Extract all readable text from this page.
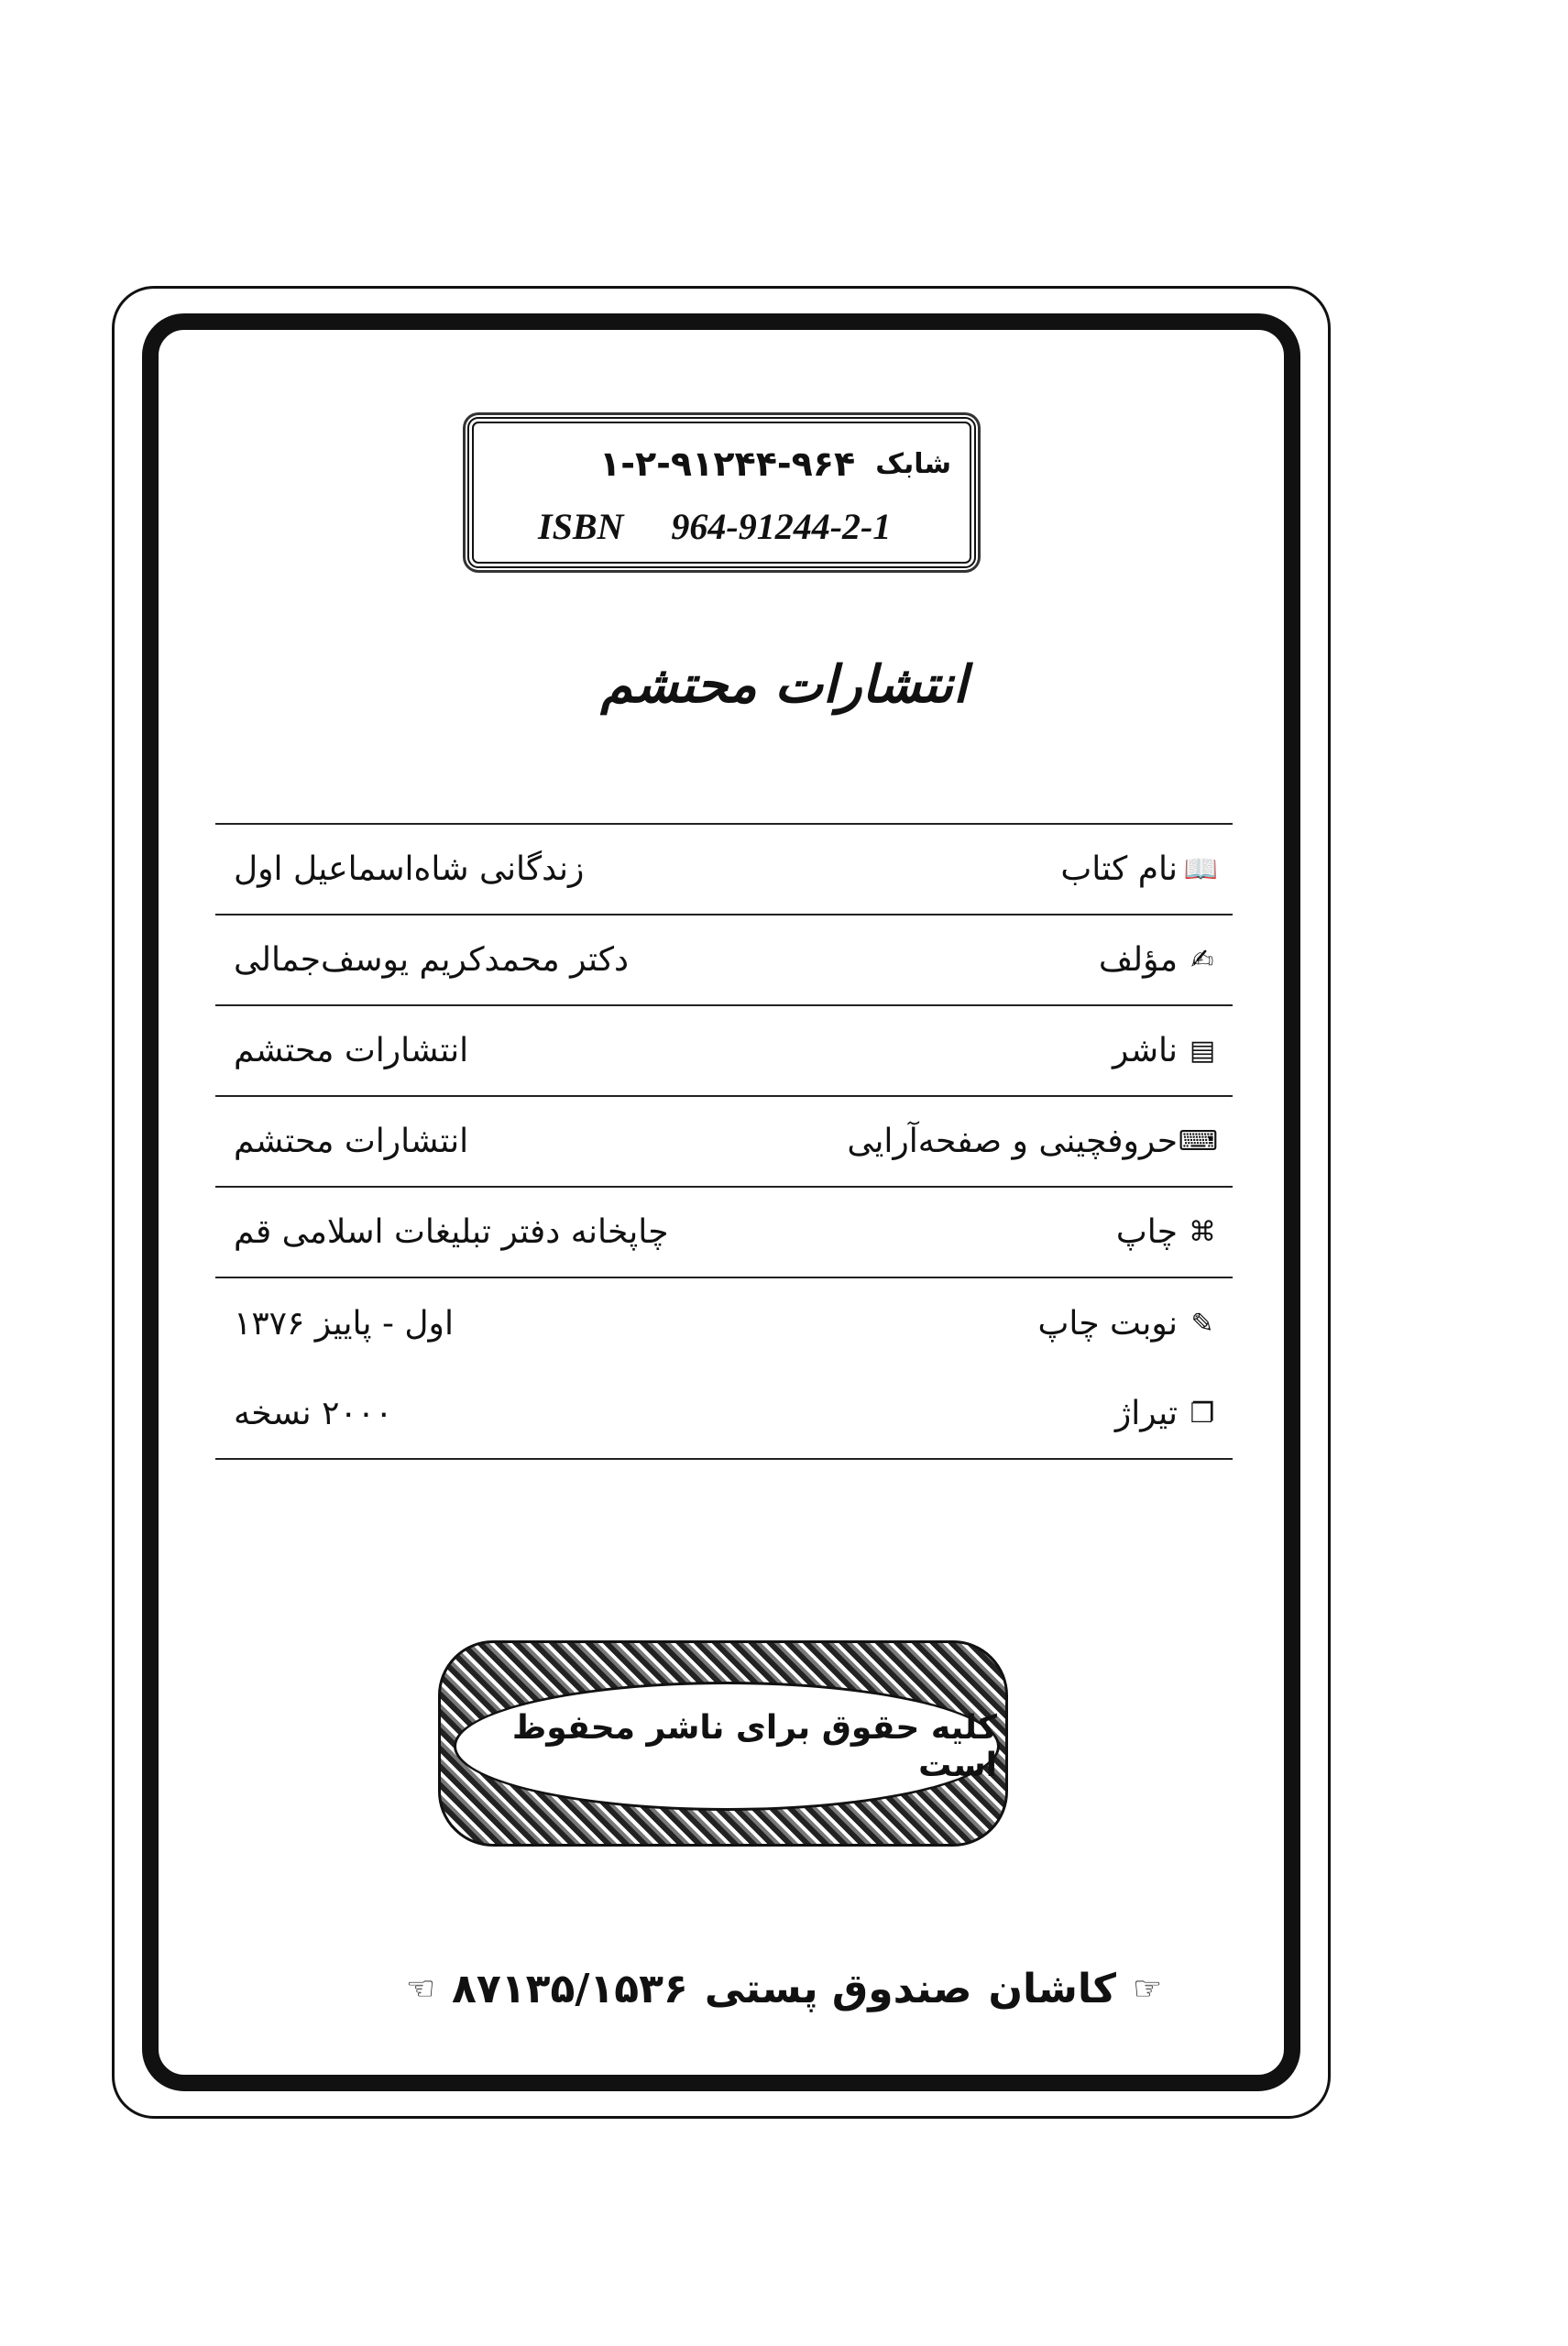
شابک
۱-۲-۹۱۲۴۴-۹۶۴
ISBN 964-91244-2-1
انتشارات محتشم
📖
نام کتاب
زندگانی شاه‌اسماعیل اول
✍
مؤلف
دکتر محمدکریم یوسف‌جمالی
▤
ناشر
انتشارات محتشم
⌨
حروفچینی و صفحه‌آرایی
انتشارات محتشم
⌘
چاپ
چاپخانه دفتر تبلیغات اسلامی قم
✎
نوبت چاپ
اول - پاییز ۱۳۷۶
❐
تیراژ
۲۰۰۰ نسخه
کلیه حقوق برای ناشر محفوظ است
☞
کاشان
صندوق پستی
۸۷۱۳۵/۱۵۳۶
☜
